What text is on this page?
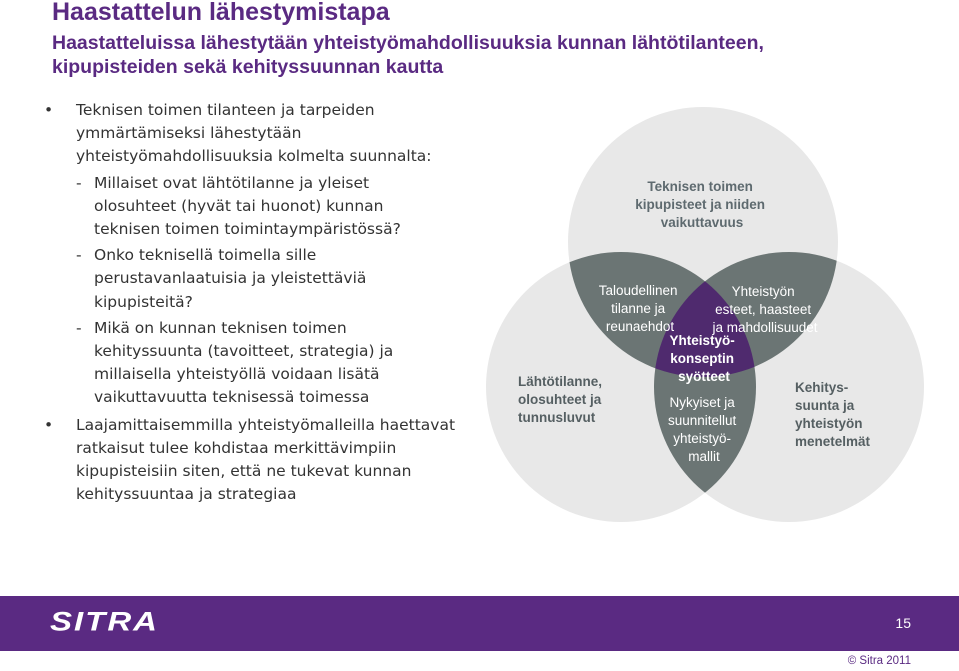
Haastattelun lähestymistapa
Haastatteluissa lähestytään yhteistyömahdollisuuksia kunnan lähtötilanteen,
kipupisteiden sekä kehityssuunnan kautta
• Teknisen toimen tilanteen ja tarpeiden
ymmärtämiseksi lähestytään
yhteistyömahdollisuuksia kolmelta suunnalta:
- Millaiset ovat lähtötilanne ja yleiset
olosuhteet (hyvät tai huonot) kunnan
teknisen toimen toimintaympäristössä?
- Onko teknisellä toimella sille
perustavanlaatuisia ja yleistettäviä
kipupisteitä?
- Mikä on kunnan teknisen toimen
kehityssuunta (tavoitteet, strategia) ja
millaisella yhteistyöllä voidaan lisätä
vaikuttavuutta teknisessä toimessa
• Laajamittaisemmilla yhteistyömalleilla haettavat
ratkaisut tulee kohdistaa merkittävimpiin
kipupisteisiin siten, että ne tukevat kunnan
kehityssuuntaa ja strategiaa
Teknisen toimen kipupisteet ja niiden vaikuttavuus
Lähtötilanne, olosuhteet ja tunnusluvut
Kehitys- suunta ja yhteistyön menetelmät
Taloudellinen tilanne ja reunaehdot
Yhteistyön esteet, haasteet ja mahdollisuudet
Nykyiset ja suunnitellut yhteistyö- mallit
Yhteistyö- konseptin syötteet
SITRA	15
© Sitra 2011
